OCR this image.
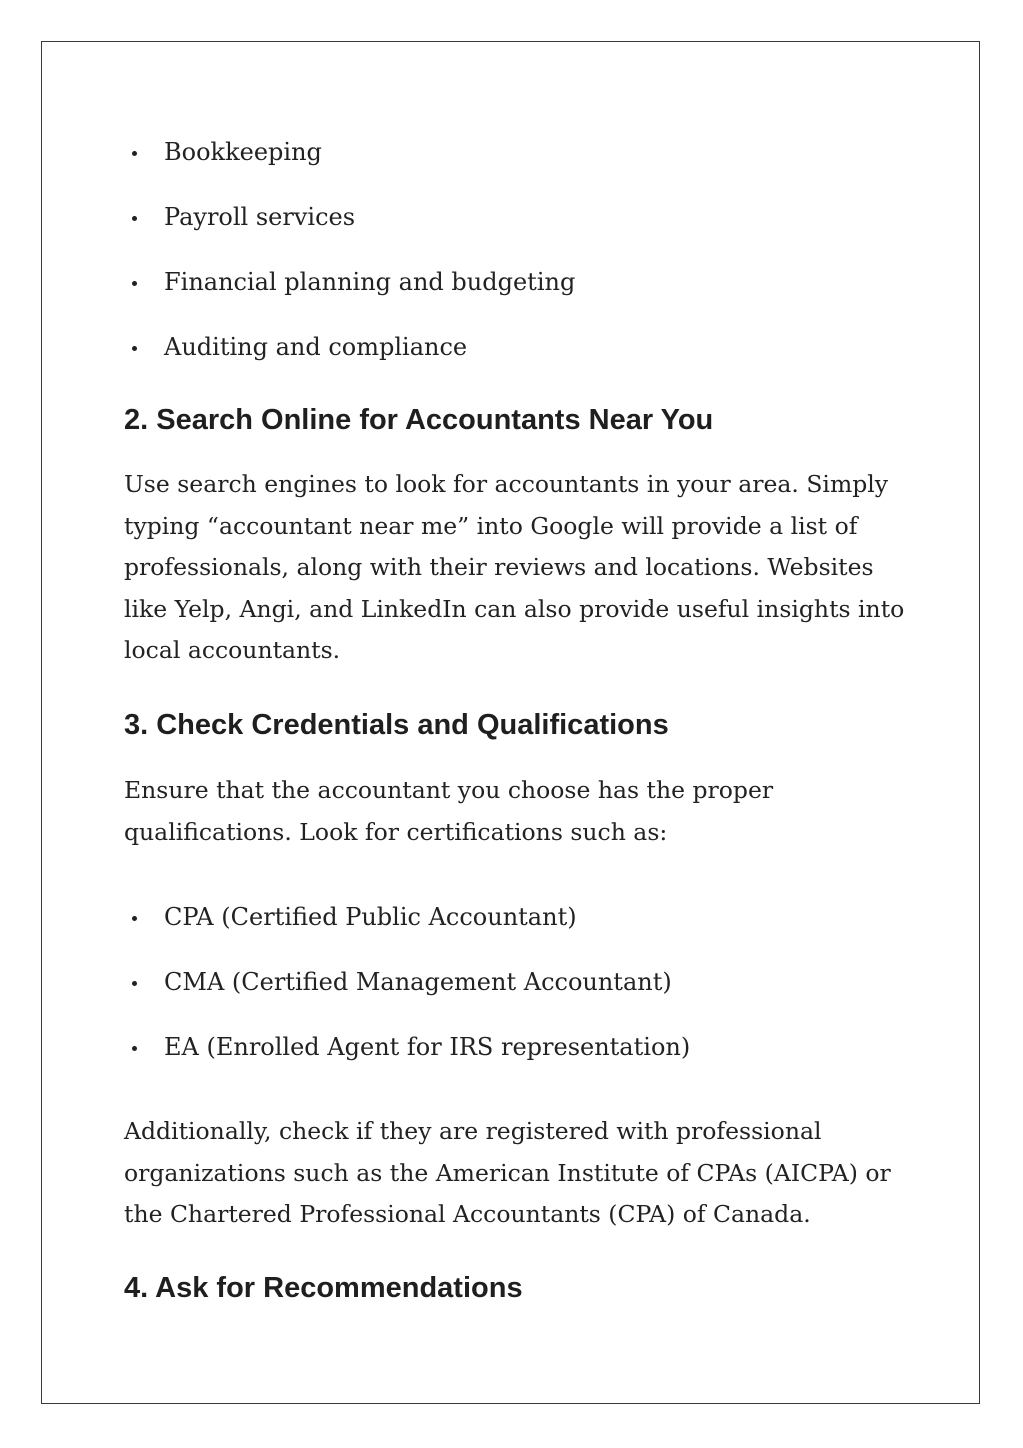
Bookkeeping
Payroll services
Financial planning and budgeting
Auditing and compliance
2. Search Online for Accountants Near You

Use search engines to look for accountants in your area. Simply typing “accountant near me” into Google will provide a list of professionals, along with their reviews and locations. Websites like Yelp, Angi, and LinkedIn can also provide useful insights into local accountants.

3. Check Credentials and Qualifications

Ensure that the accountant you choose has the proper qualifications. Look for certifications such as:

CPA (Certified Public Accountant)
CMA (Certified Management Accountant)
EA (Enrolled Agent for IRS representation)

Additionally, check if they are registered with professional organizations such as the American Institute of CPAs (AICPA) or the Chartered Professional Accountants (CPA) of Canada.

4. Ask for Recommendations
